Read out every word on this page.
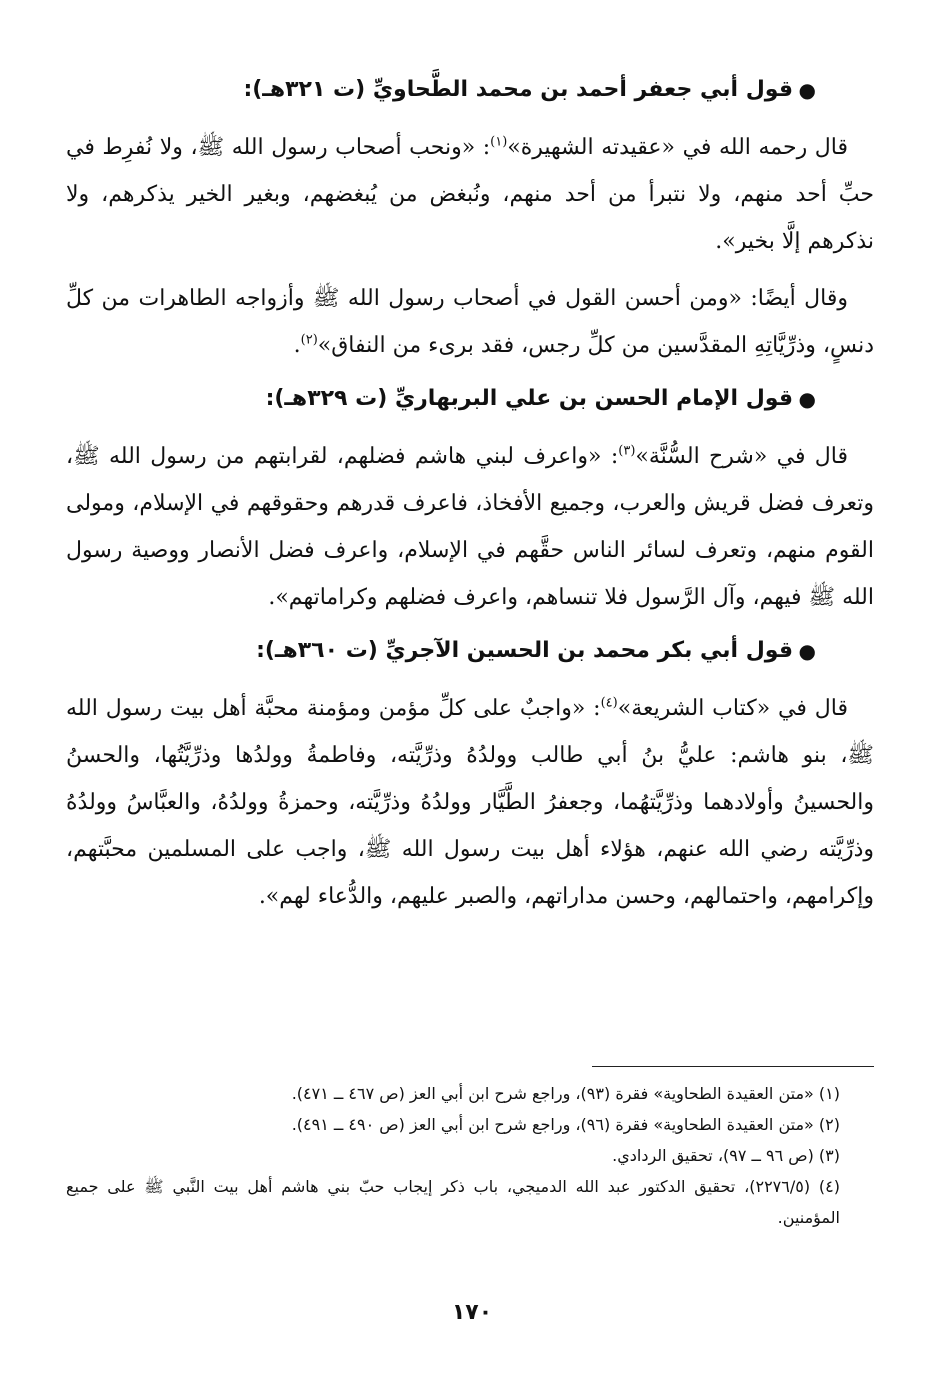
●
قول أبي جعفر أحمد بن محمد الطَّحاويِّ (ت ٣٢١هـ):

قال رحمه الله في «عقيدته الشهيرة»$^{(١)}$: «ونحب أصحاب رسول الله ﷺ، ولا نُفرِط في حبِّ أحد منهم، ولا نتبرأ من أحد منهم، ونُبغض من يُبغضهم، وبغير الخير يذكرهم، ولا نذكرهم إلَّا بخير».

وقال أيضًا: «ومن أحسن القول في أصحاب رسول الله ﷺ وأزواجه الطاهرات من كلِّ دنسٍ، وذرِّيَّاتِهِ المقدَّسين من كلِّ رجس، فقد برىء من النفاق»$^{(٢)}$.

●
قول الإمام الحسن بن علي البربهاريِّ (ت ٣٢٩هـ):

قال في «شرح السُّنَّة»$^{(٣)}$: «واعرف لبني هاشم فضلهم، لقرابتهم من رسول الله ﷺ، وتعرف فضل قريش والعرب، وجميع الأفخاذ، فاعرف قدرهم وحقوقهم في الإسلام، ومولى القوم منهم، وتعرف لسائر الناس حقَّهم في الإسلام، واعرف فضل الأنصار ووصية رسول الله ﷺ فيهم، وآل الرَّسول فلا تنساهم، واعرف فضلهم وكراماتهم».

●
قول أبي بكر محمد بن الحسين الآجريِّ (ت ٣٦٠هـ):

قال في «كتاب الشريعة»$^{(٤)}$: «واجبٌ على كلِّ مؤمن ومؤمنة محبَّة أهل بيت رسول الله ﷺ، بنو هاشم: عليُّ بنُ أبي طالب وولدُهُ وذرِّيَّته، وفاطمةُ وولدُها وذرِّيَّتُها، والحسنُ والحسينُ وأولادهما وذرِّيَّتهُما، وجعفرُ الطَّيَّار وولدُهُ وذرِّيَّته، وحمزةُ وولدُهُ، والعبَّاسُ وولدُهُ وذرِّيَّته رضي الله عنهم، هؤلاء أهل بيت رسول الله ﷺ، واجب على المسلمين محبَّتهم، وإكرامهم، واحتمالهم، وحسن مداراتهم، والصبر عليهم، والدُّعاء لهم».

(١) «متن العقيدة الطحاوية» فقرة (٩٣)، وراجع شرح ابن أبي العز (ص ٤٦٧ ــ ٤٧١).

(٢) «متن العقيدة الطحاوية» فقرة (٩٦)، وراجع شرح ابن أبي العز (ص ٤٩٠ ــ ٤٩١).

(٣) (ص ٩٦ ــ ٩٧)، تحقيق الردادي.

(٤) (٢٢٧٦/٥)، تحقيق الدكتور عبد الله الدميجي، باب ذكر إيجاب حبّ بني هاشم أهل بيت النَّبي ﷺ على جميع المؤمنين.

١٧٠
